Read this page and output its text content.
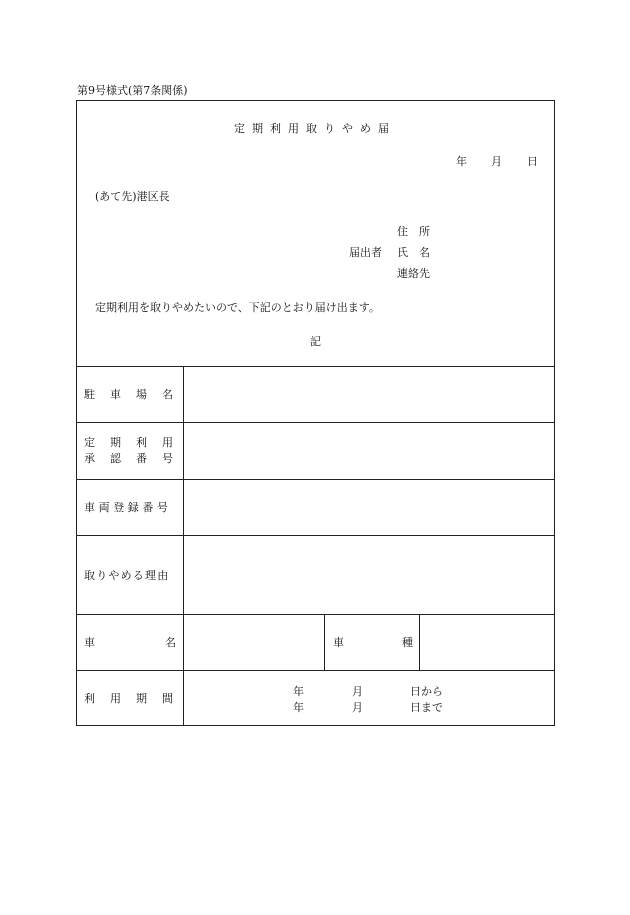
第9号様式(第7条関係)
定期利用取りやめ届
年 月 日
(あて先)港区長
住　所
届出者 氏　名
連絡先
定期利用を取りやめたいので、下記のとおり届け出ます。
記
駐車場名
定期利用
承認番号
車両登録番号
取りやめる理由
車名	車種
利用期間
年	月	日から
年	月	日まで
